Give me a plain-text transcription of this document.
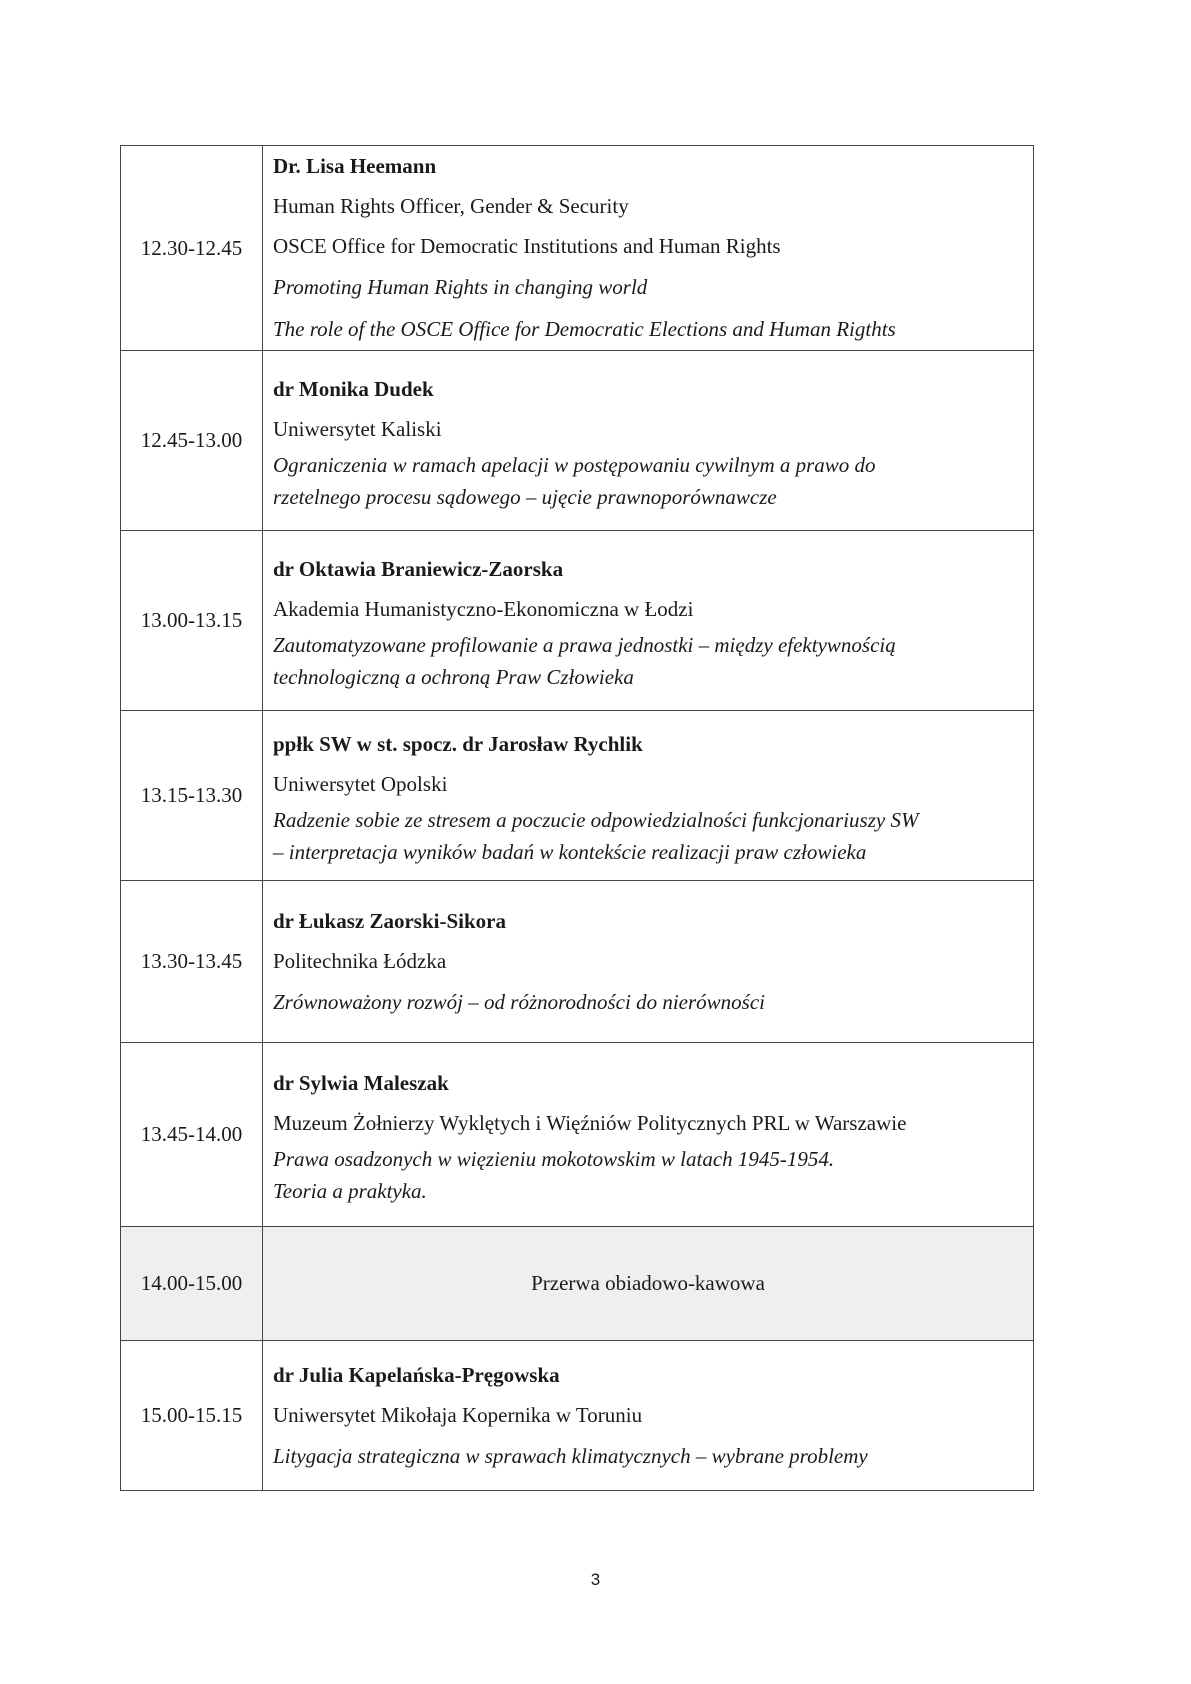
12.30-12.45	Dr. Lisa Heemann

Human Rights Officer, Gender & Security

OSCE Office for Democratic Institutions and Human Rights

Promoting Human Rights in changing world

The role of the OSCE Office for Democratic Elections and Human Rigthts

12.45-13.00	dr Monika Dudek

Uniwersytet Kaliski

Ograniczenia w ramach apelacji w postępowaniu cywilnym a prawo do

rzetelnego procesu sądowego – ujęcie prawnoporównawcze

13.00-13.15	dr Oktawia Braniewicz-Zaorska

Akademia Humanistyczno-Ekonomiczna w Łodzi

Zautomatyzowane profilowanie a prawa jednostki – między efektywnością

technologiczną a ochroną Praw Człowieka

13.15-13.30	ppłk SW w st. spocz. dr Jarosław Rychlik

Uniwersytet Opolski

Radzenie sobie ze stresem a poczucie odpowiedzialności funkcjonariuszy SW

– interpretacja wyników badań w kontekście realizacji praw człowieka

13.30-13.45	dr Łukasz Zaorski-Sikora

Politechnika Łódzka

Zrównoważony rozwój – od różnorodności do nierówności

13.45-14.00	dr Sylwia Maleszak

Muzeum Żołnierzy Wyklętych i Więźniów Politycznych PRL w Warszawie

Prawa osadzonych w więzieniu mokotowskim w latach 1945-1954.

Teoria a praktyka.

14.00-15.00	Przerwa obiadowo-kawowa
15.00-15.15	dr Julia Kapelańska-Pręgowska

Uniwersytet Mikołaja Kopernika w Toruniu

Litygacja strategiczna w sprawach klimatycznych – wybrane problemy

3
